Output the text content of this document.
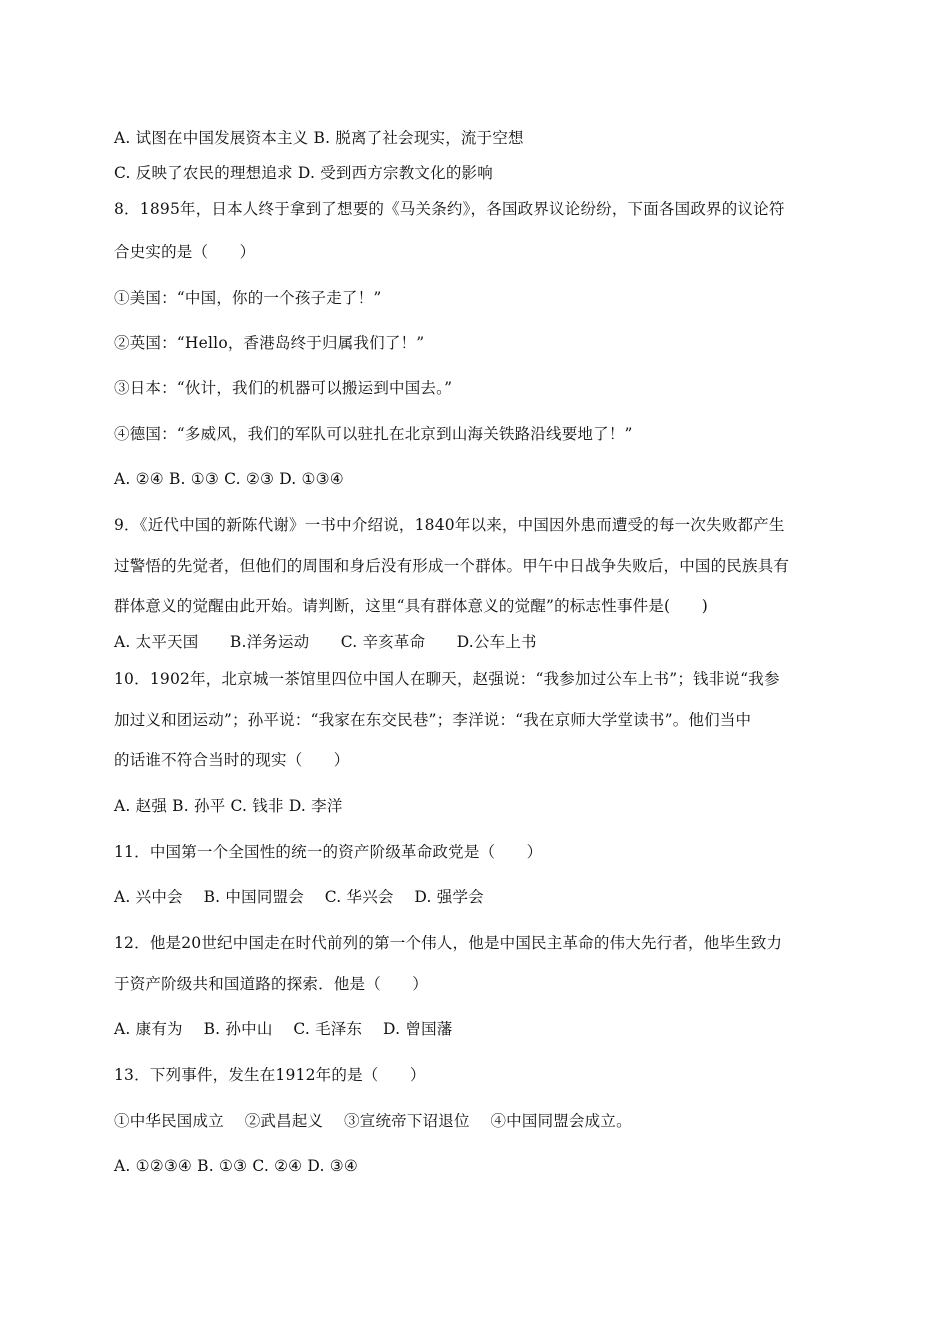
A. 试图在中国发展资本主义 B. 脱离了社会现实，流于空想
C. 反映了农民的理想追求 D. 受到西方宗教文化的影响
8．1895年，日本人终于拿到了想要的《马关条约》，各国政界议论纷纷，下面各国政界的议论符
合史实的是（　　）
①美国：“中国，你的一个孩子走了！”
②英国：“Hello，香港岛终于归属我们了！”
③日本：“伙计，我们的机器可以搬运到中国去。”
④德国：“多威风，我们的军队可以驻扎在北京到山海关铁路沿线要地了！”
A. ②④ B. ①③ C. ②③ D. ①③④
9．《近代中国的新陈代谢》一书中介绍说，1840年以来，中国因外患而遭受的每一次失败都产生
过警悟的先觉者，但他们的周围和身后没有形成一个群体。甲午中日战争失败后，中国的民族具有
群体意义的觉醒由此开始。请判断，这里“具有群体意义的觉醒”的标志性事件是(　　)
A. 太平天国　　B.洋务运动　　C. 辛亥革命　　D.公车上书
10．1902年，北京城一茶馆里四位中国人在聊天，赵强说：“我参加过公车上书”；钱非说“我参
加过义和团运动”；孙平说：“我家在东交民巷”；李洋说：“我在京师大学堂读书”。他们当中
的话谁不符合当时的现实（　　）
A. 赵强 B. 孙平 C. 钱非 D. 李洋
11．中国第一个全国性的统一的资产阶级革命政党是（　　）
A. 兴中会　 B. 中国同盟会　 C. 华兴会　 D. 强学会
12．他是20世纪中国走在时代前列的第一个伟人，他是中国民主革命的伟大先行者，他毕生致力
于资产阶级共和国道路的探索．他是（　　）
A. 康有为　 B. 孙中山　 C. 毛泽东　 D. 曾国藩
13．下列事件，发生在1912年的是（　　）
①中华民国成立　 ②武昌起义　 ③宣统帝下诏退位　 ④中国同盟会成立。
A. ①②③④ B. ①③ C. ②④ D. ③④
